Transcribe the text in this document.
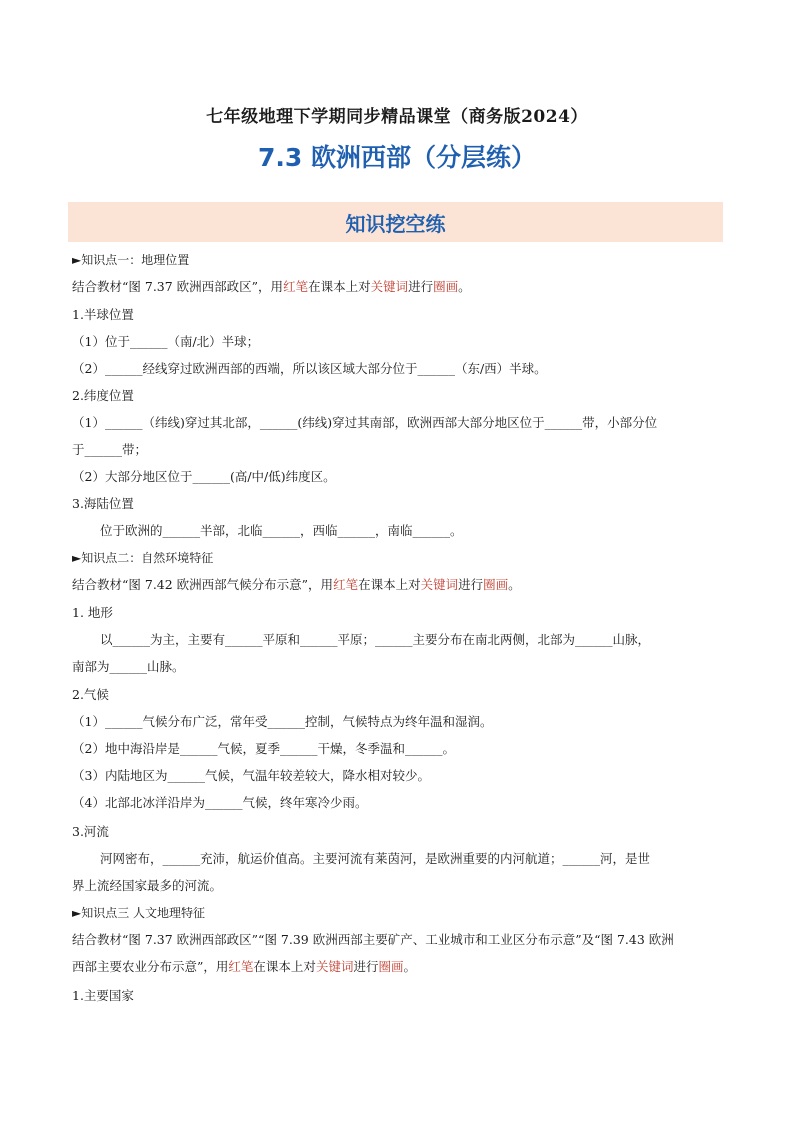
七年级地理下学期同步精品课堂（商务版2024）
7.3 欧洲西部（分层练）
知识挖空练
►知识点一：地理位置
结合教材“图 7.37 欧洲西部政区”，用红笔在课本上对关键词进行圈画。
1.半球位置
（1）位于______（南/北）半球；
（2）______经线穿过欧洲西部的西端，所以该区域大部分位于______（东/西）半球。
2.纬度位置
（1）______（纬线)穿过其北部，______(纬线)穿过其南部，欧洲西部大部分地区位于______带，小部分位
于______带；
（2）大部分地区位于______(高/中/低)纬度区。
3.海陆位置
位于欧洲的______半部，北临______，西临______，南临______。
►知识点二：自然环境特征
结合教材“图 7.42 欧洲西部气候分布示意”，用红笔在课本上对关键词进行圈画。
1. 地形
以______为主，主要有______平原和______平原；______主要分布在南北两侧，北部为______山脉，
南部为______山脉。
2.气候
（1）______气候分布广泛，常年受______控制，气候特点为终年温和湿润。
（2）地中海沿岸是______气候，夏季______干燥，冬季温和______。
（3）内陆地区为______气候，气温年较差较大，降水相对较少。
（4）北部北冰洋沿岸为______气候，终年寒冷少雨。
3.河流
河网密布，______充沛，航运价值高。主要河流有莱茵河，是欧洲重要的内河航道；______河，是世
界上流经国家最多的河流。
►知识点三 人文地理特征
结合教材“图 7.37 欧洲西部政区”“图 7.39 欧洲西部主要矿产、工业城市和工业区分布示意”及“图 7.43 欧洲
西部主要农业分布示意”，用红笔在课本上对关键词进行圈画。
1.主要国家
